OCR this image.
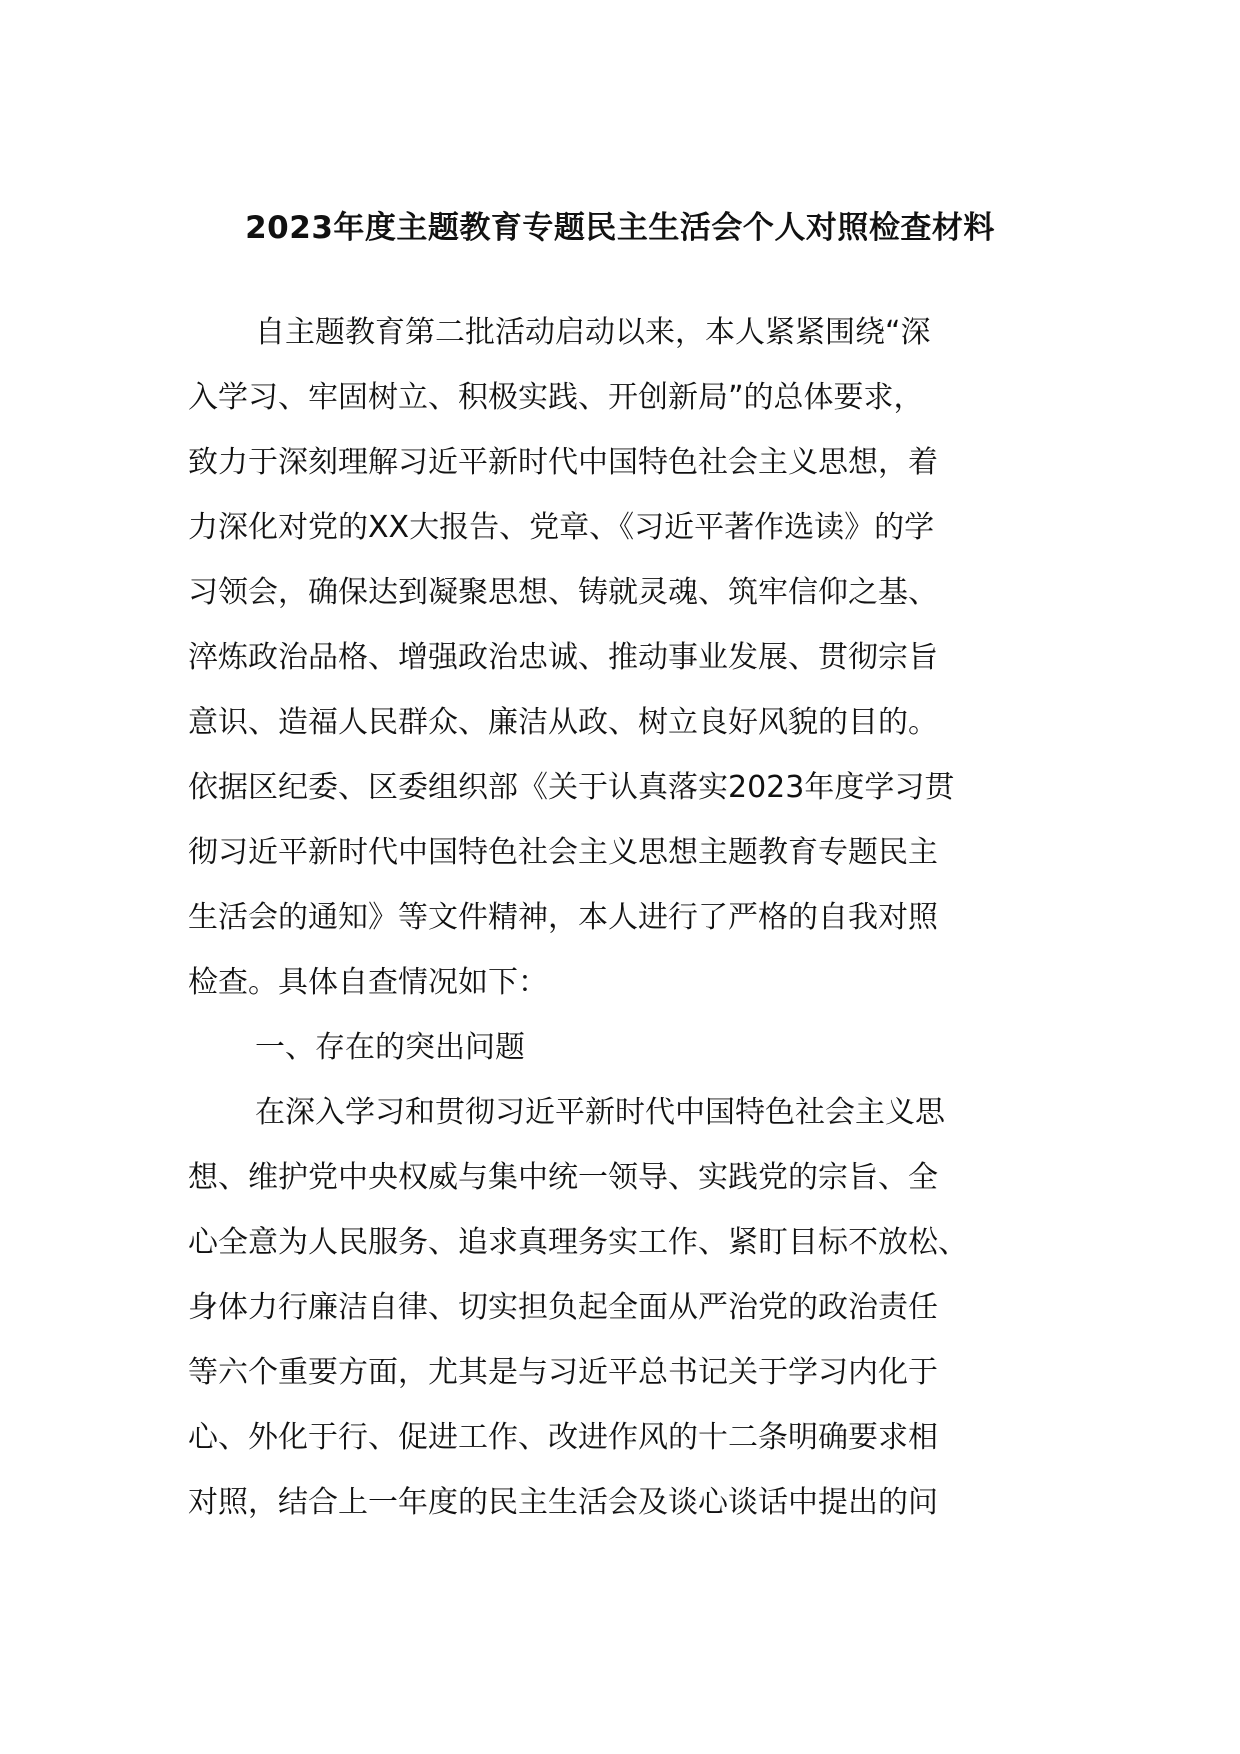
2023年度主题教育专题民主生活会个人对照检查材料
自主题教育第二批活动启动以来，本人紧紧围绕“深
入学习、牢固树立、积极实践、开创新局”的总体要求，
致力于深刻理解习近平新时代中国特色社会主义思想，着
力深化对党的XX大报告、党章、《习近平著作选读》的学
习领会，确保达到凝聚思想、铸就灵魂、筑牢信仰之基、
淬炼政治品格、增强政治忠诚、推动事业发展、贯彻宗旨
意识、造福人民群众、廉洁从政、树立良好风貌的目的。
依据区纪委、区委组织部《关于认真落实2023年度学习贯
彻习近平新时代中国特色社会主义思想主题教育专题民主
生活会的通知》等文件精神，本人进行了严格的自我对照
检查。具体自查情况如下：
一、存在的突出问题
在深入学习和贯彻习近平新时代中国特色社会主义思
想、维护党中央权威与集中统一领导、实践党的宗旨、全
心全意为人民服务、追求真理务实工作、紧盯目标不放松、
身体力行廉洁自律、切实担负起全面从严治党的政治责任
等六个重要方面，尤其是与习近平总书记关于学习内化于
心、外化于行、促进工作、改进作风的十二条明确要求相
对照，结合上一年度的民主生活会及谈心谈话中提出的问
